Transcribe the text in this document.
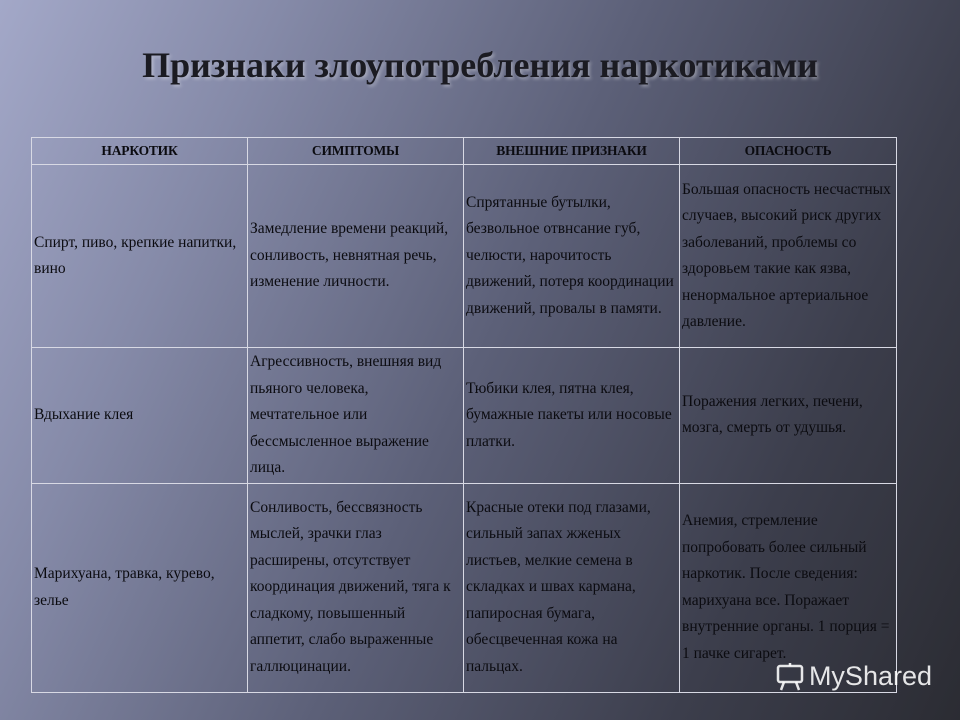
Признаки злоупотребления наркотиками
НАРКОТИК	СИМПТОМЫ	ВНЕШНИЕ ПРИЗНАКИ	ОПАСНОСТЬ
Спирт, пиво, крепкие напитки, вино	Замедление времени реакций, сонливость, невнятная речь, изменение личности.	Спрятанные бутылки, безвольное отвнсание губ, челюсти, нарочитость движений, потеря координации движений, провалы в памяти.	Большая опасность несчастных случаев, высокий риск других заболеваний, проблемы со здоровьем такие как язва, ненормальное артериальное давление.
Вдыхание клея	Агрессивность, внешняя вид пьяного человека, мечтательное или бессмысленное выражение лица.	Тюбики клея, пятна клея, бумажные пакеты или носовые платки.	Поражения легких, печени, мозга, смерть от удушья.
Марихуана, травка, курево, зелье	Сонливость, бессвязность мыслей, зрачки глаз расширены, отсутствует координация движений, тяга к сладкому, повышенный аппетит, слабо выраженные галлюцинации.	Красные отеки под глазами, сильный запах жженых листьев, мелкие семена в складках и швах кармана, папиросная бумага, обесцвеченная кожа на пальцах.	Анемия, стремление попробовать более сильный наркотик. После сведения: марихуана все. Поражает внутренние органы. 1 порция = 1 пачке сигарет.
MyShared
